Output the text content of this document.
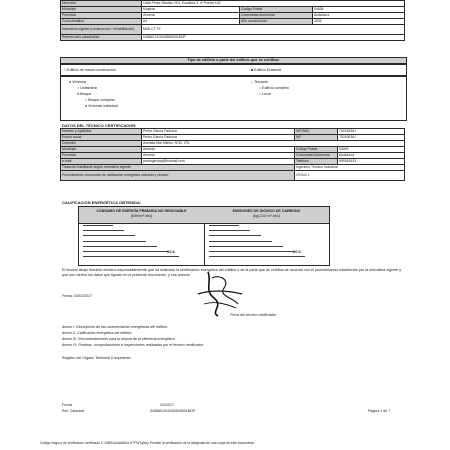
Dirección	Calle Pintor Nicolás, Nº4, Escalera 3, 4º Puerta 102		
Municipio	Mojácar	Código Postal	04638
Provincia	Almería	Comunidad Autónoma	Andalucía
Zona climática	A4	Año construcción	2005
Normativa vigente (construcción / rehabilitación)	NBE-CT-79		
Referencia/s catastral/es	0456601XG0405N0001BOP		
Tipo de edificio o parte del edificio que se certifica:
□ Edificio de nueva construcción	■ Edificio Existente
● Vivienda
○ Unifamiliar
● Bloque
○ Bloque completo
● Vivienda individual
○ Terciario
○ Edificio completo
○ Local
DATOS DEL TÉCNICO CERTIFICADOR:
Nombre y Apellidos	Pedro García Padrosa	NIF(NIE)	75243636J
Razón social	Pedro García Padrosa	NIF	75243636J
Domicilio	Avenida Mar Mitchs, Nº32, 2ºD		
Municipio	Almería	Código Postal	04009
Provincia	Almería	Comunidad Autónoma	Andalucía
e-mail:	pedrogarciap@hotmail.com	Teléfono	699343633
Titulación habilitante según normativa vigente		Ingeniero Técnico Industrial	
Procedimiento reconocido de calificación energética utilizado y versión:		CEXv2.1	
CALIFICACIÓN ENERGÉTICA OBTENIDA:
CONSUMO DE ENERGÍA PRIMARIA NO RENOVABLE
[kWh/m² año]
EMISIONES DE DIÓXIDO DE CARBONO
[kgCO2/ m² año]
92.6	20.6
El técnico abajo firmante declara responsablemente que ha realizado la certificación energética del edificio o de la parte que se certifica de acuerdo con el procedimiento establecido por la normativa vigente y que son ciertos los datos que figuran en el presente documento, y sus anexos:
Fecha: 03/02/2017
Firma del técnico certificador
Anexo I. Descripción de las características energéticas del edificio.
Anexo II. Calificación energética del edificio.
Anexo III. Recomendaciones para la mejora de la eficiencia energética.
Anexo IV. Pruebas, comprobaciones e inspecciones realizadas por el técnico certificador.
Registro del Órgano Territorial Competente:
Fecha	3/2/2017
Ref. Catastral	0456601XG0405N0001BOP	Página 1 de 7
Código Seguro de verificación certificado C.10N9/oA4ck6A1LHTFW7qNoy Permite la verificación de la integridad de una copia de este documento
